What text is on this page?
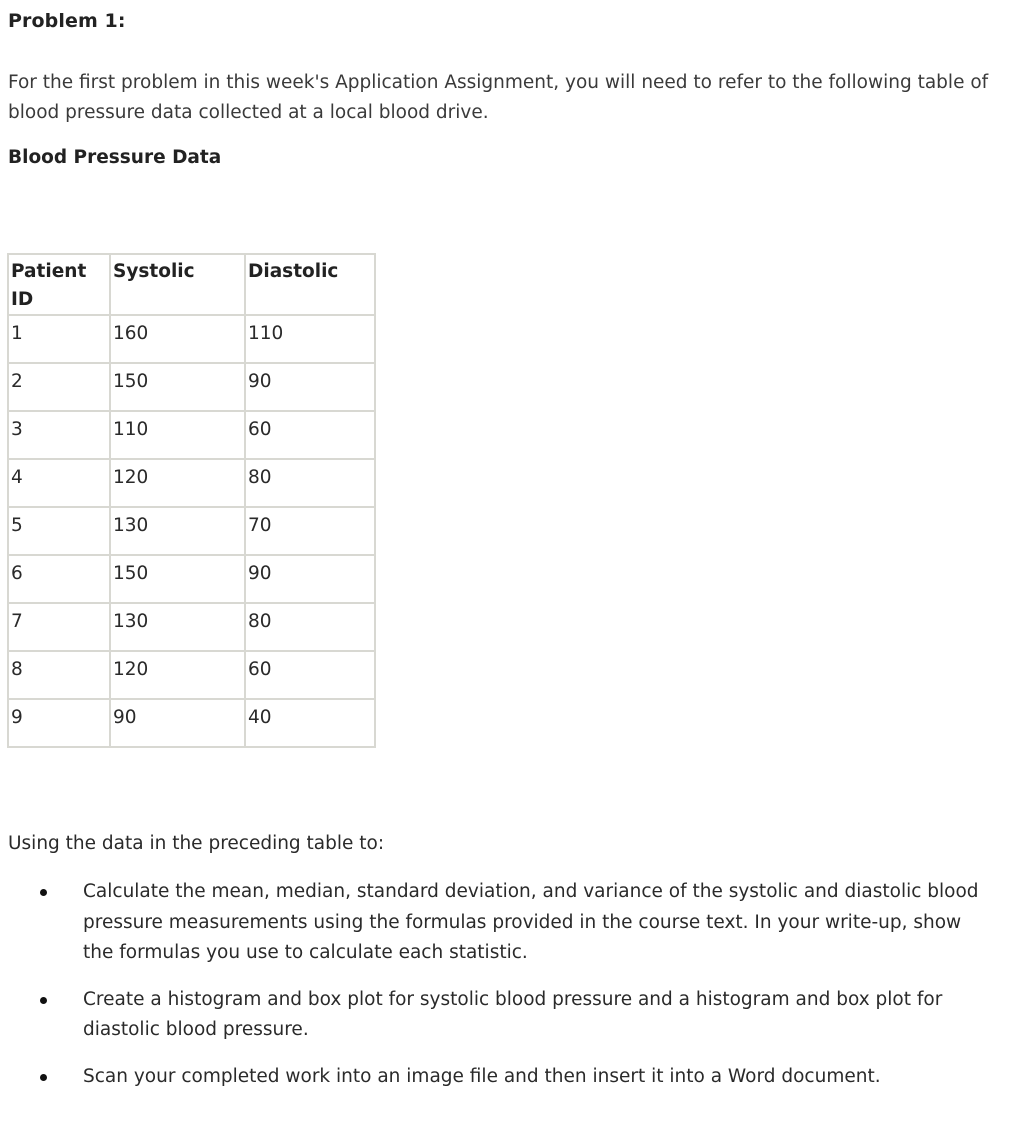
Problem 1:
For the first problem in this week's Application Assignment, you will need to refer to the following table of blood pressure data collected at a local blood drive.
Blood Pressure Data
Patient ID	Systolic	Diastolic
1	160	110
2	150	90
3	110	60
4	120	80
5	130	70
6	150	90
7	130	80
8	120	60
9	90	40
Using the data in the preceding table to:
Calculate the mean, median, standard deviation, and variance of the systolic and diastolic blood pressure measurements using the formulas provided in the course text. In your write-up, show the formulas you use to calculate each statistic.
Create a histogram and box plot for systolic blood pressure and a histogram and box plot for diastolic blood pressure.
Scan your completed work into an image file and then insert it into a Word document.
